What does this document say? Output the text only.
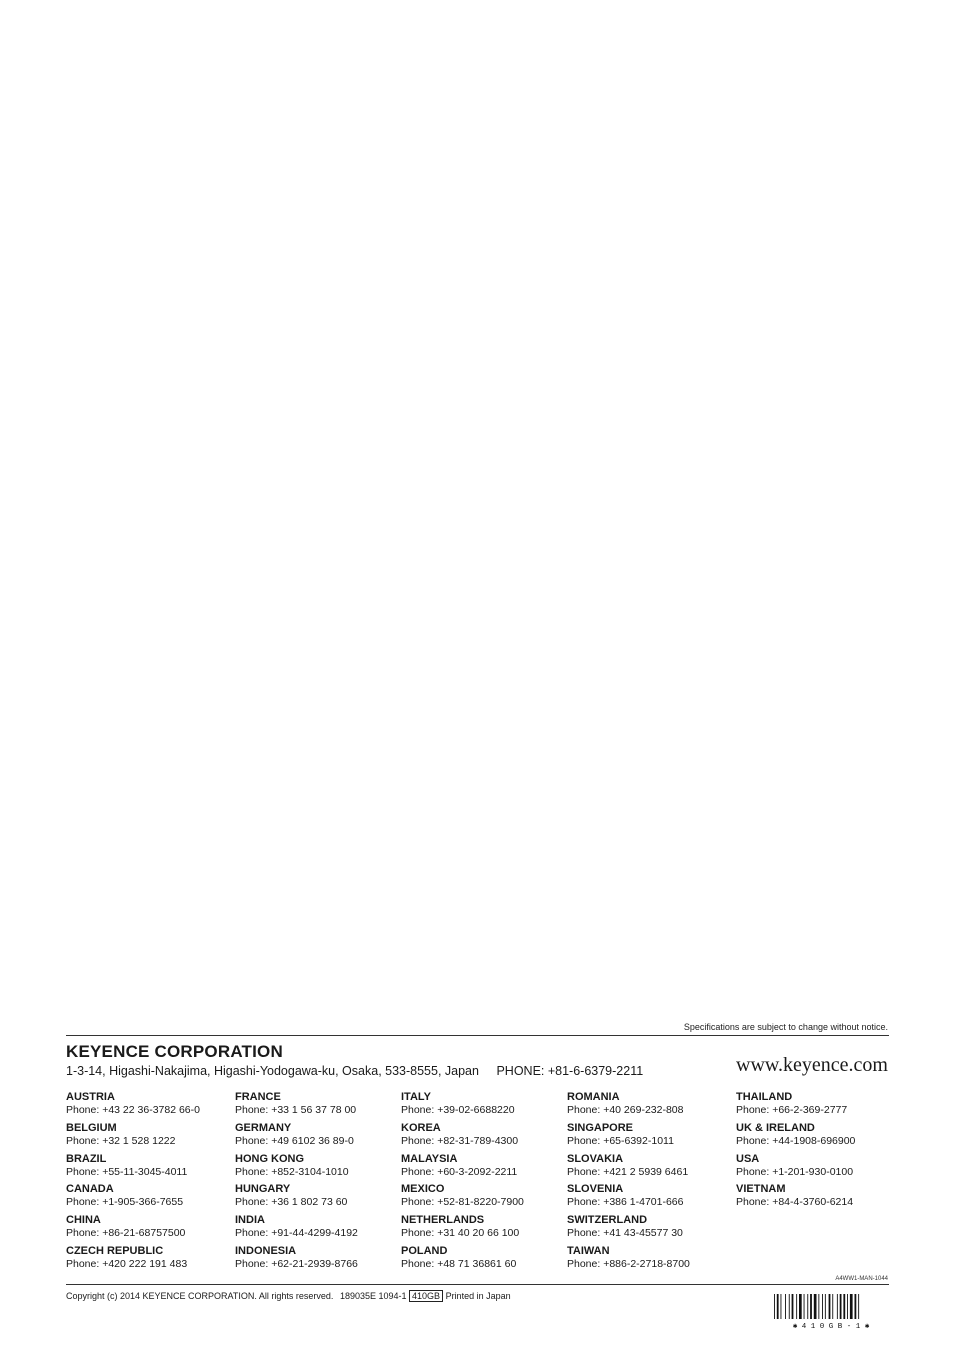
Specifications are subject to change without notice.
KEYENCE CORPORATION
1-3-14, Higashi-Nakajima, Higashi-Yodogawa-ku, Osaka, 533-8555, Japan PHONE: +81-6-6379-2211	www.keyence.com
AUSTRIA
Phone: +43 22 36-3782 66-0
BELGIUM
Phone: +32 1 528 1222
BRAZIL
Phone: +55-11-3045-4011
CANADA
Phone: +1-905-366-7655
CHINA
Phone: +86-21-68757500
CZECH REPUBLIC
Phone: +420 222 191 483
FRANCE
Phone: +33 1 56 37 78 00
GERMANY
Phone: +49 6102 36 89-0
HONG KONG
Phone: +852-3104-1010
HUNGARY
Phone: +36 1 802 73 60
INDIA
Phone: +91-44-4299-4192
INDONESIA
Phone: +62-21-2939-8766
ITALY
Phone: +39-02-6688220
KOREA
Phone: +82-31-789-4300
MALAYSIA
Phone: +60-3-2092-2211
MEXICO
Phone: +52-81-8220-7900
NETHERLANDS
Phone: +31 40 20 66 100
POLAND
Phone: +48 71 36861 60
ROMANIA
Phone: +40 269-232-808
SINGAPORE
Phone: +65-6392-1011
SLOVAKIA
Phone: +421 2 5939 6461
SLOVENIA
Phone: +386 1-4701-666
SWITZERLAND
Phone: +41 43-45577 30
TAIWAN
Phone: +886-2-2718-8700
THAILAND
Phone: +66-2-369-2777
UK & IRELAND
Phone: +44-1908-696900
USA
Phone: +1-201-930-0100
VIETNAM
Phone: +84-4-3760-6214
A4WW1-MAN-1044
Copyright (c) 2014 KEYENCE CORPORATION. All rights reserved. 189035E 1094-1 410GB Printed in Japan
✱ 4 1 0 G B - 1 ✱
